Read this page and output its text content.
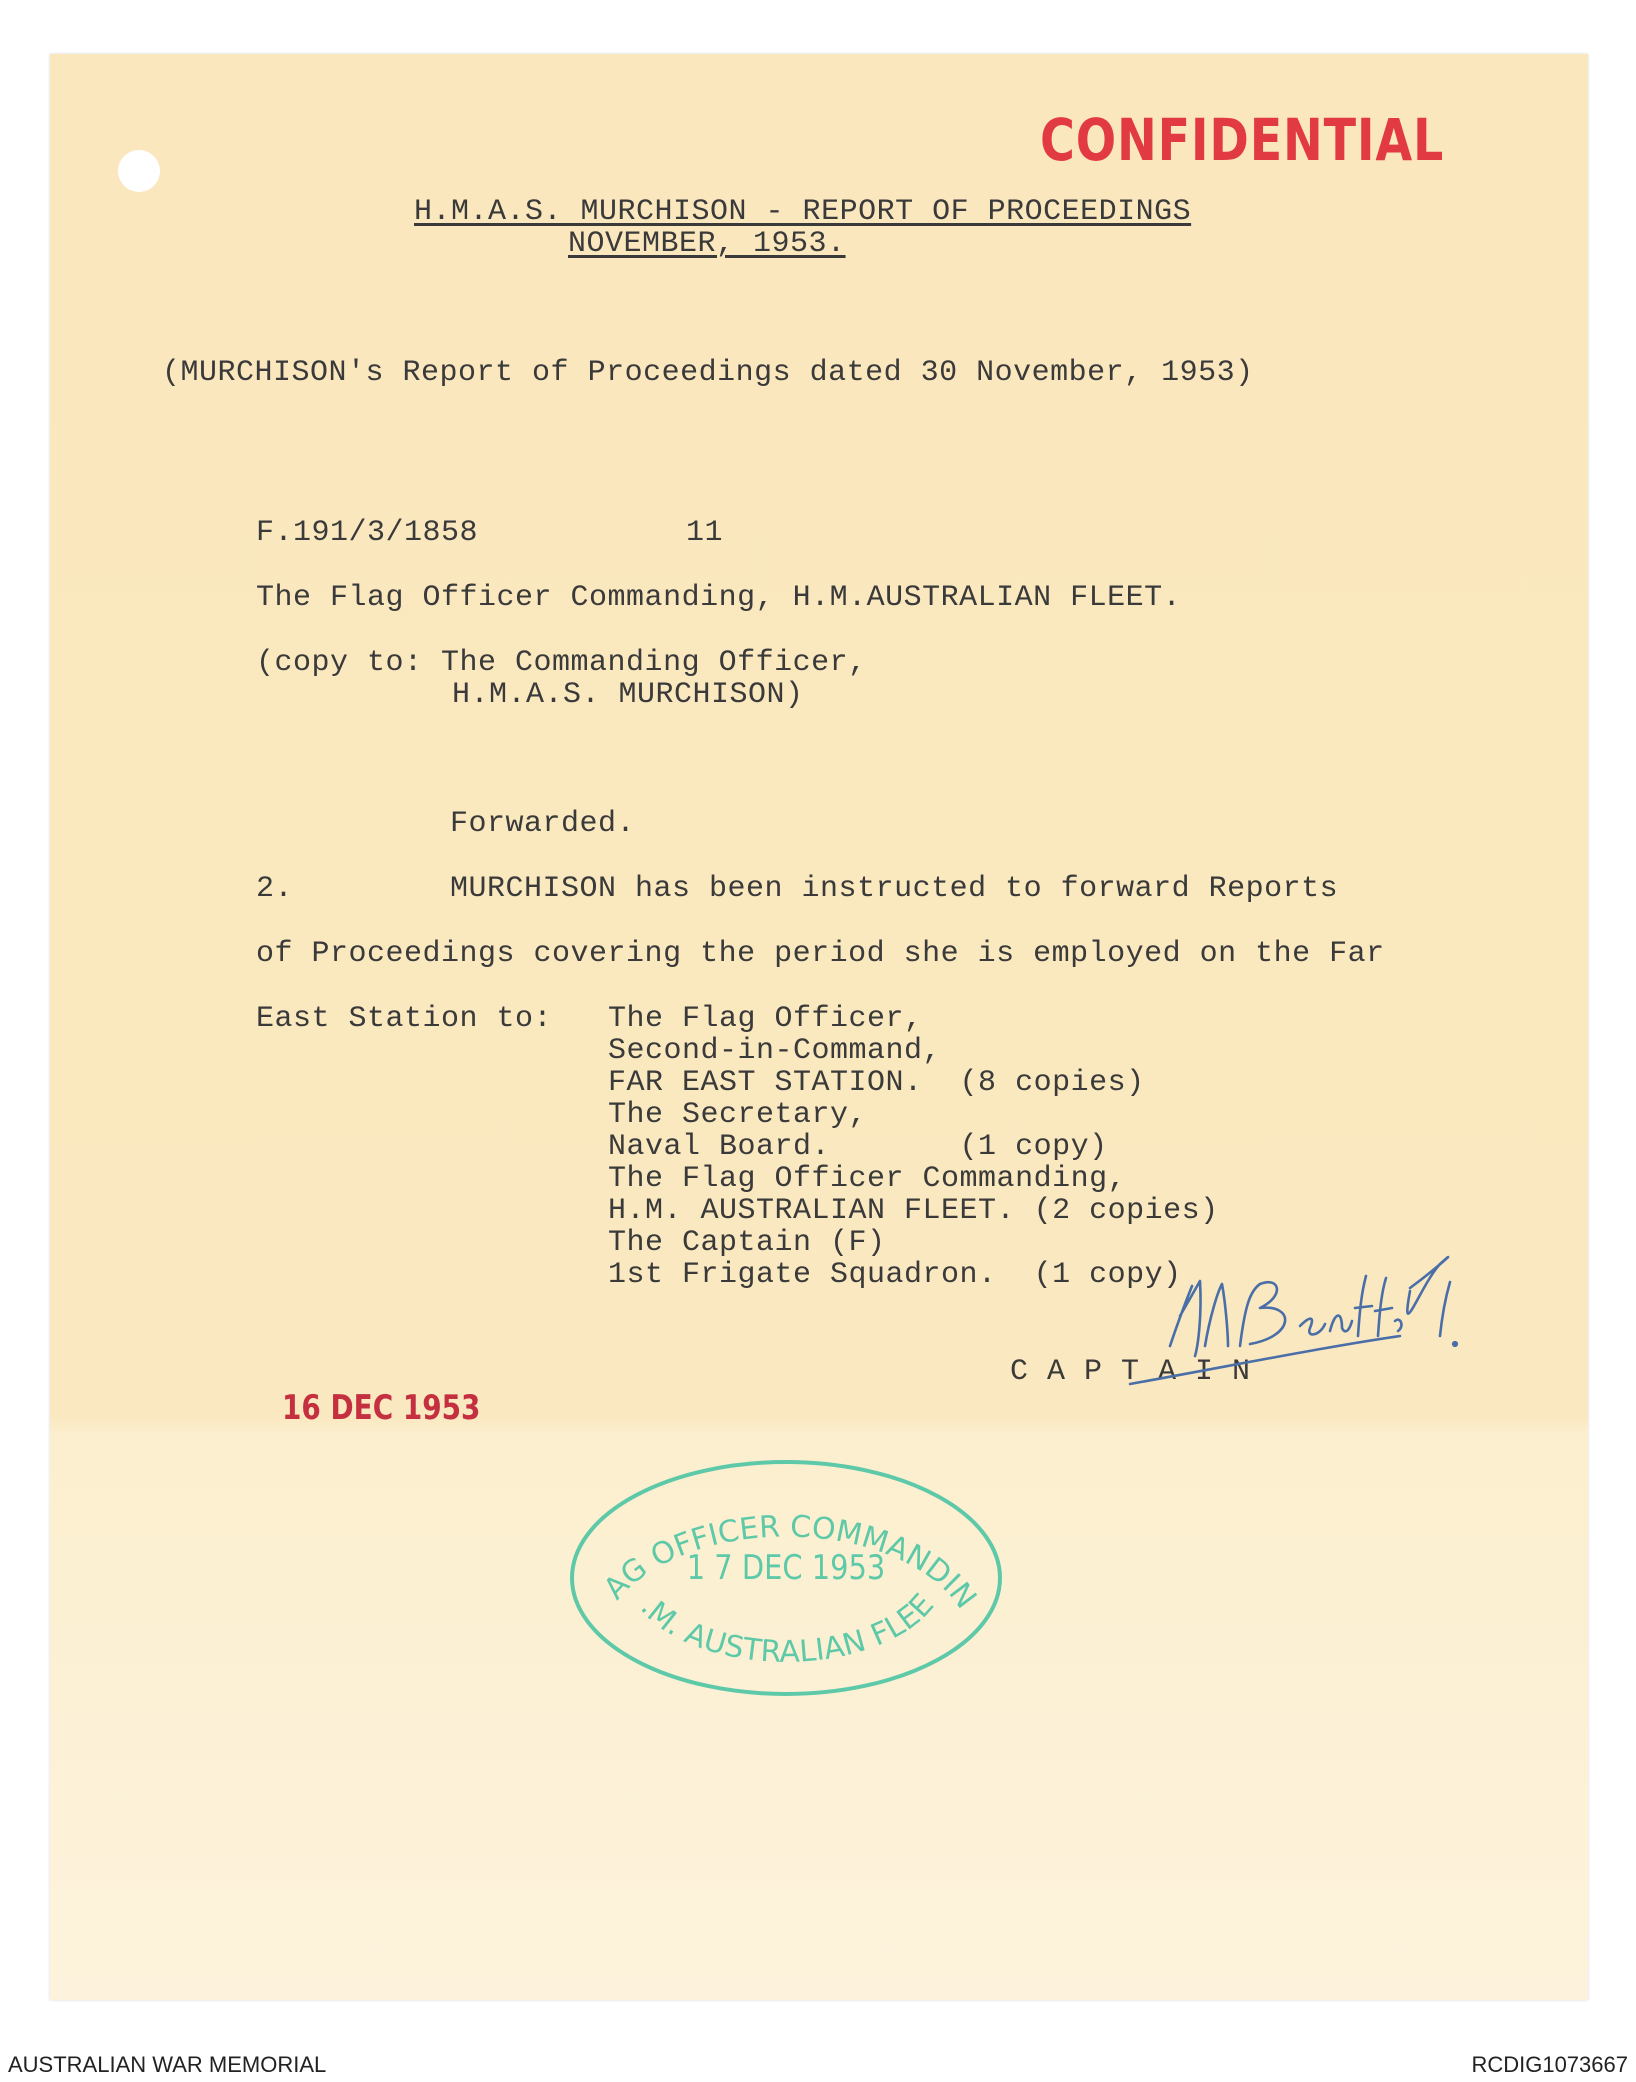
CONFIDENTIAL
H.M.A.S. MURCHISON - REPORT OF PROCEEDINGS
NOVEMBER, 1953.
(MURCHISON's Report of Proceedings dated 30 November, 1953)
F.191/3/1858	11
The Flag Officer Commanding, H.M.AUSTRALIAN FLEET.
(copy to: The Commanding Officer,
H.M.A.S. MURCHISON)
Forwarded.
2.	MURCHISON has been instructed to forward Reports
of Proceedings covering the period she is employed on the Far
East Station to: The Flag Officer,
Second-in-Command,
FAR EAST STATION.  (8 copies)
The Secretary,
Naval Board.       (1 copy)
The Flag Officer Commanding,
H.M. AUSTRALIAN FLEET. (2 copies)
The Captain (F)
1st Frigate Squadron.  (1 copy)
C A P T A I N
16 DEC 1953
AG OFFICER COMMANDIN
.M. AUSTRALIAN FLEE
1 7 DEC 1953
AUSTRALIAN WAR MEMORIAL	RCDIG1073667
